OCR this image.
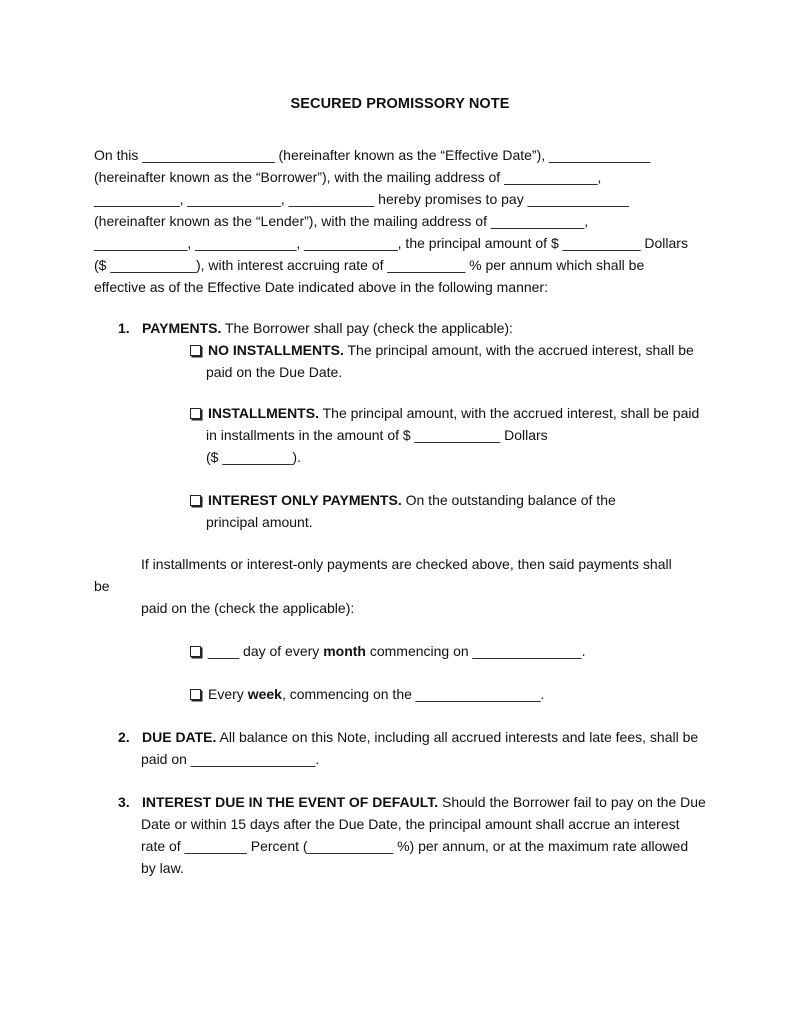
SECURED PROMISSORY NOTE
On this _________________ (hereinafter known as the “Effective Date”), _____________
(hereinafter known as the “Borrower”), with the mailing address of ____________,
___________, ____________, ___________ hereby promises to pay _____________
(hereinafter known as the “Lender”), with the mailing address of ____________,
____________, _____________, ____________, the principal amount of $ __________ Dollars
($ ___________), with interest accruing rate of __________ % per annum which shall be
effective as of the Effective Date indicated above in the following manner:
1. PAYMENTS. The Borrower shall pay (check the applicable):
NO INSTALLMENTS. The principal amount, with the accrued interest, shall be
paid on the Due Date.
INSTALLMENTS. The principal amount, with the accrued interest, shall be paid
in installments in the amount of $ ___________ Dollars
($ _________).
INTEREST ONLY PAYMENTS. On the outstanding balance of the
principal amount.
If installments or interest-only payments are checked above, then said payments shall
be
paid on the (check the applicable):
____ day of every month commencing on ______________.
Every week, commencing on the ________________.
2. DUE DATE. All balance on this Note, including all accrued interests and late fees, shall be
paid on ________________.
3. INTEREST DUE IN THE EVENT OF DEFAULT. Should the Borrower fail to pay on the Due
Date or within 15 days after the Due Date, the principal amount shall accrue an interest
rate of ________ Percent (___________ %) per annum, or at the maximum rate allowed
by law.
